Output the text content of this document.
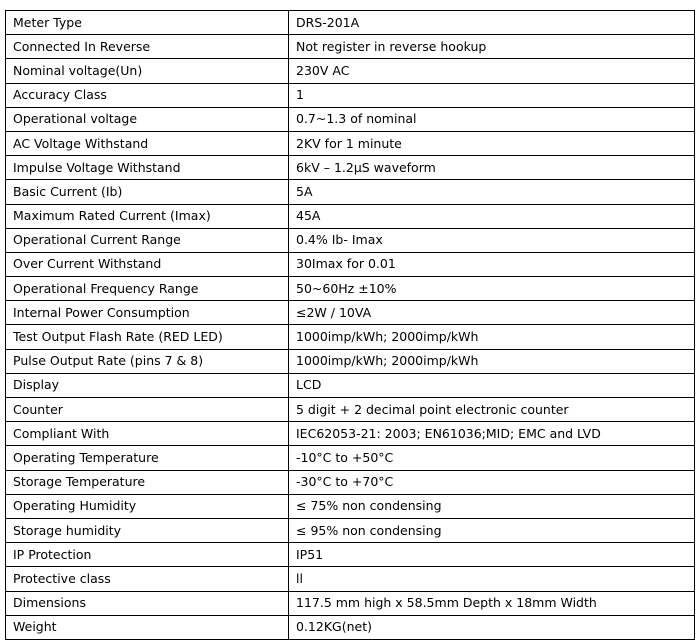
Meter Type	DRS-201A
Connected In Reverse	Not register in reverse hookup
Nominal voltage(Un)	230V AC
Accuracy Class	1
Operational voltage	0.7~1.3 of nominal
AC Voltage Withstand	2KV for 1 minute
Impulse Voltage Withstand	6kV – 1.2μS waveform
Basic Current (Ib)	5A
Maximum Rated Current (Imax)	45A
Operational Current Range	0.4% Ib- Imax
Over Current Withstand	30Imax for 0.01
Operational Frequency Range	50~60Hz ±10%
Internal Power Consumption	≤2W / 10VA
Test Output Flash Rate (RED LED)	1000imp/kWh; 2000imp/kWh
Pulse Output Rate (pins 7 & 8)	1000imp/kWh; 2000imp/kWh
Display	LCD
Counter	5 digit + 2 decimal point electronic counter
Compliant With	IEC62053-21: 2003; EN61036;MID; EMC and LVD
Operating Temperature	-10°C to +50°C
Storage Temperature	-30°C to +70°C
Operating Humidity	≤ 75% non condensing
Storage humidity	≤ 95% non condensing
IP Protection	IP51
Protective class	ll
Dimensions	117.5 mm high x 58.5mm Depth x 18mm Width
Weight	0.12KG(net)
